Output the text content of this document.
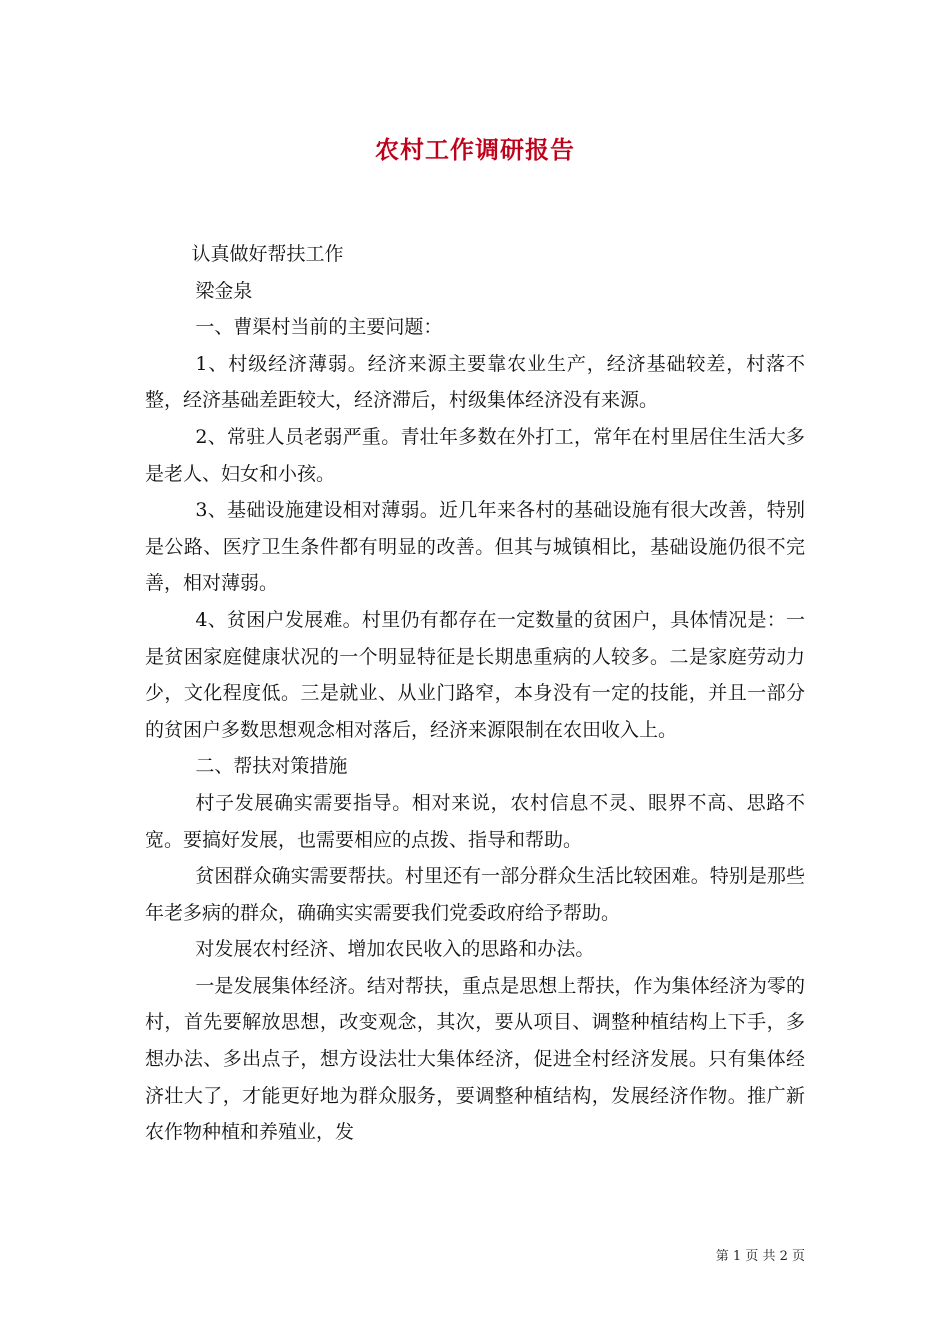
农村工作调研报告

认真做好帮扶工作

梁金泉

一、曹渠村当前的主要问题：

1、村级经济薄弱。经济来源主要靠农业生产，经济基础较差，村落不整，经济基础差距较大，经济滞后，村级集体经济没有来源。

2、常驻人员老弱严重。青壮年多数在外打工，常年在村里居住生活大多是老人、妇女和小孩。

3、基础设施建设相对薄弱。近几年来各村的基础设施有很大改善，特别是公路、医疗卫生条件都有明显的改善。但其与城镇相比，基础设施仍很不完善，相对薄弱。

4、贫困户发展难。村里仍有都存在一定数量的贫困户，具体情况是：一是贫困家庭健康状况的一个明显特征是长期患重病的人较多。二是家庭劳动力少，文化程度低。三是就业、从业门路窄，本身没有一定的技能，并且一部分的贫困户多数思想观念相对落后，经济来源限制在农田收入上。

二、帮扶对策措施

村子发展确实需要指导。相对来说，农村信息不灵、眼界不高、思路不宽。要搞好发展，也需要相应的点拨、指导和帮助。

贫困群众确实需要帮扶。村里还有一部分群众生活比较困难。特别是那些年老多病的群众，确确实实需要我们党委政府给予帮助。

对发展农村经济、增加农民收入的思路和办法。

一是发展集体经济。结对帮扶，重点是思想上帮扶，作为集体经济为零的村，首先要解放思想，改变观念，其次，要从项目、调整种植结构上下手，多想办法、多出点子，想方设法壮大集体经济，促进全村经济发展。只有集体经济壮大了，才能更好地为群众服务，要调整种植结构，发展经济作物。推广新农作物种植和养殖业，发

第 1 页 共 2 页
